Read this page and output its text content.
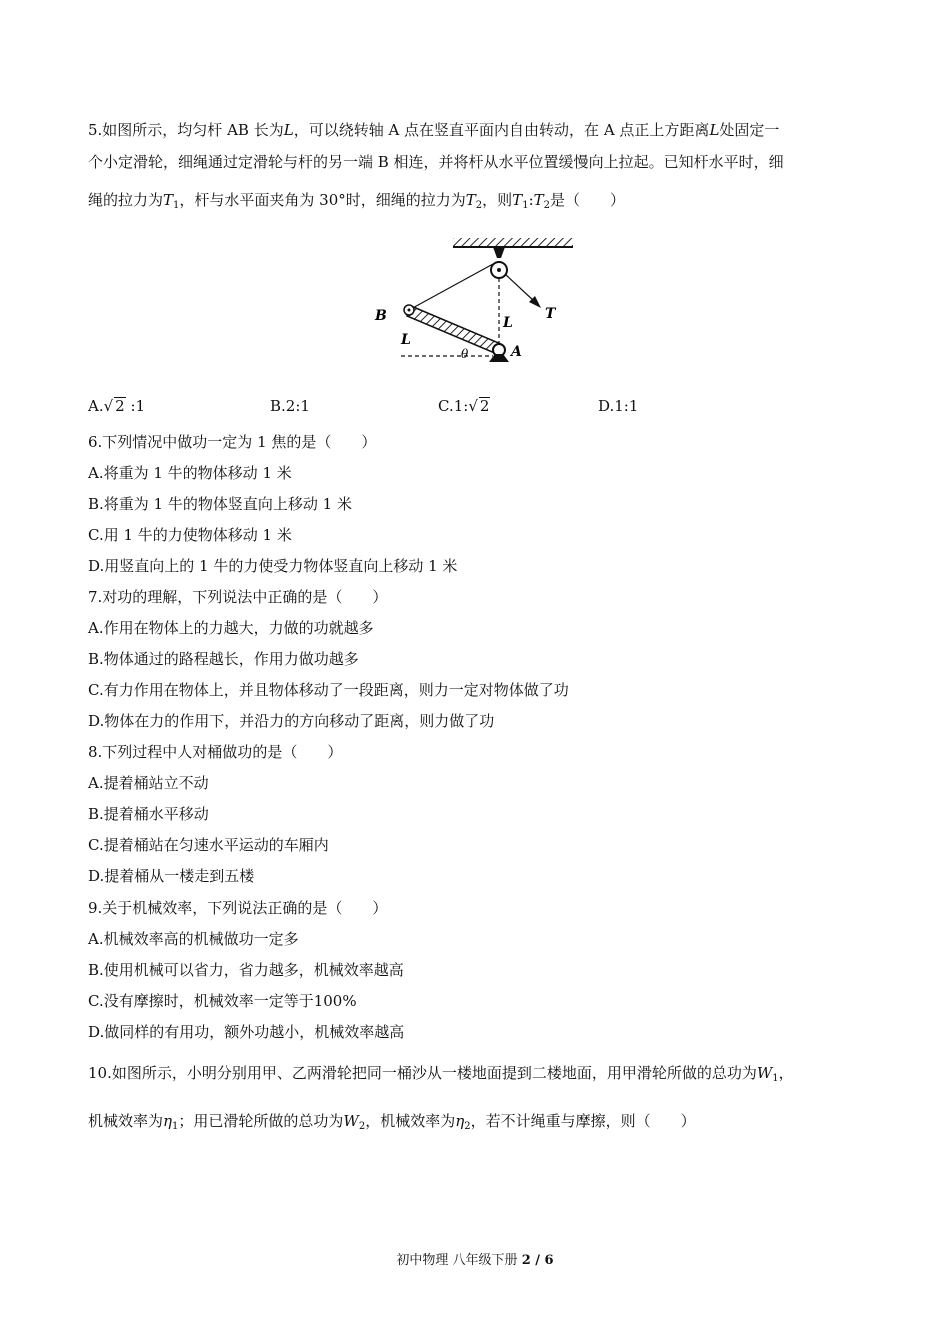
5.如图所示，均匀杆 AB 长为L，可以绕转轴 A 点在竖直平面内自由转动，在 A 点正上方距离L处固定一
个小定滑轮，细绳通过定滑轮与杆的另一端 B 相连，并将杆从水平位置缓慢向上拉起。已知杆水平时，细
绳的拉力为$T_1$，杆与水平面夹角为 30°时，细绳的拉力为$T_2$，则$T_1:T_2$是（　　）
T
L
B
L
θ	A
A.√ 2 :1	B.2:1	C.1:√ 2	D.1:1
6.下列情况中做功一定为 1 焦的是（　　）
A.将重为 1 牛的物体移动 1 米
B.将重为 1 牛的物体竖直向上移动 1 米
C.用 1 牛的力使物体移动 1 米
D.用竖直向上的 1 牛的力使受力物体竖直向上移动 1 米
7.对功的理解，下列说法中正确的是（　　）
A.作用在物体上的力越大，力做的功就越多
B.物体通过的路程越长，作用力做功越多
C.有力作用在物体上，并且物体移动了一段距离，则力一定对物体做了功
D.物体在力的作用下，并沿力的方向移动了距离，则力做了功
8.下列过程中人对桶做功的是（　　）
A.提着桶站立不动
B.提着桶水平移动
C.提着桶站在匀速水平运动的车厢内
D.提着桶从一楼走到五楼
9.关于机械效率，下列说法正确的是（　　）
A.机械效率高的机械做功一定多
B.使用机械可以省力，省力越多，机械效率越高
C.没有摩擦时，机械效率一定等于100%
D.做同样的有用功，额外功越小，机械效率越高
10.如图所示，小明分别用甲、乙两滑轮把同一桶沙从一楼地面提到二楼地面，用甲滑轮所做的总功为$W_1$，
机械效率为$\eta_1$；用已滑轮所做的总功为$W_2$，机械效率为$\eta_2$，若不计绳重与摩擦，则（　　）
初中物理 八年级下册 2 / 6
